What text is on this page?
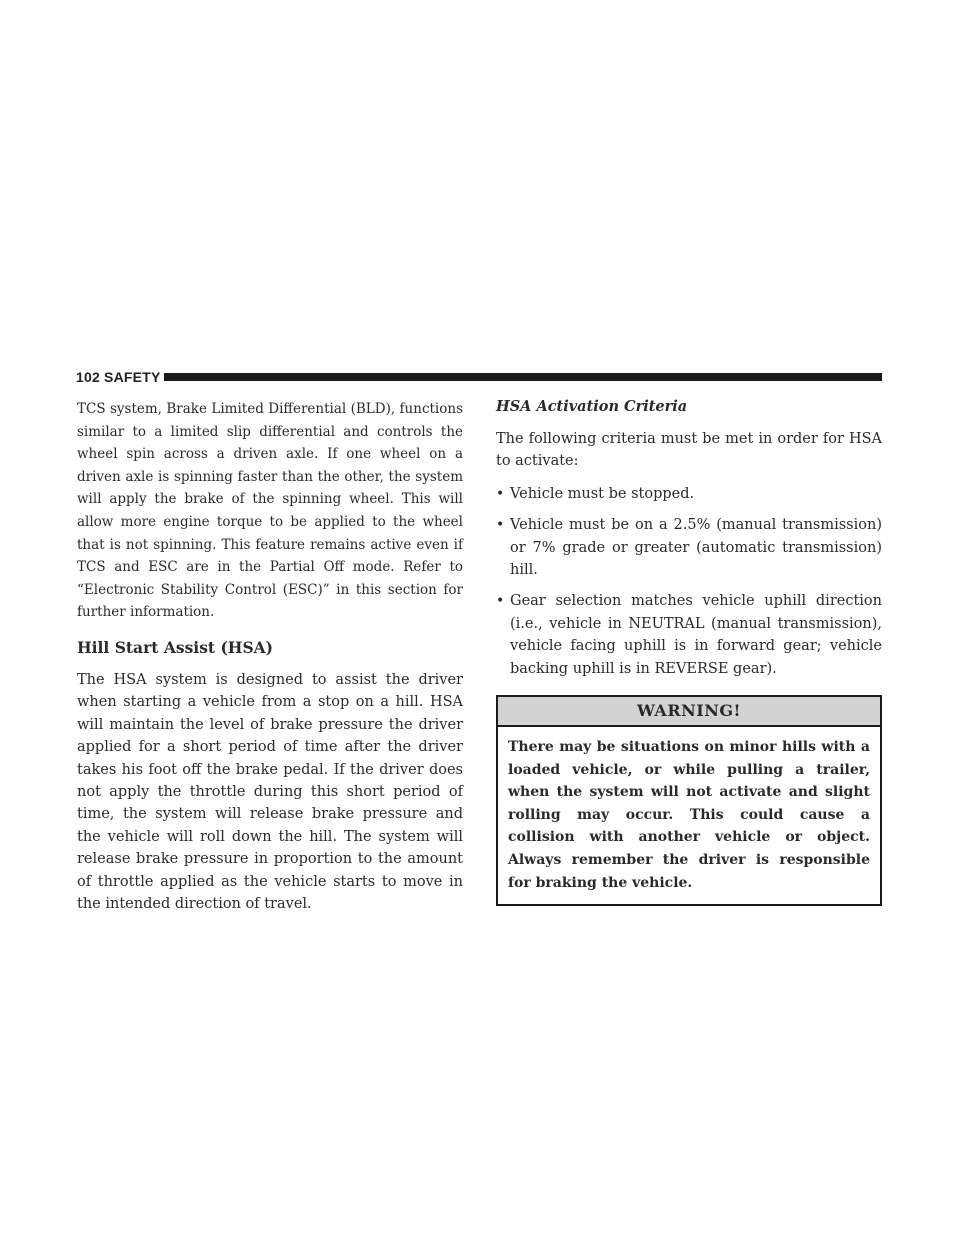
102 SAFETY

TCS system, Brake Limited Differential (BLD), functions similar to a limited slip differential and controls the wheel spin across a driven axle. If one wheel on a driven axle is spinning faster than the other, the system will apply the brake of the spinning wheel. This will allow more engine torque to be applied to the wheel that is not spinning. This feature remains active even if TCS and ESC are in the Partial Off mode. Refer to “Electronic Stability Control (ESC)” in this section for further information.

Hill Start Assist (HSA)

The HSA system is designed to assist the driver when starting a vehicle from a stop on a hill. HSA will maintain the level of brake pressure the driver applied for a short period of time after the driver takes his foot off the brake pedal. If the driver does not apply the throttle during this short period of time, the system will release brake pressure and the vehicle will roll down the hill. The system will release brake pressure in proportion to the amount of throttle applied as the vehicle starts to move in the intended direction of travel.

HSA Activation Criteria

The following criteria must be met in order for HSA to activate:

• Vehicle must be stopped.

• Vehicle must be on a 2.5% (manual transmission) or 7% grade or greater (automatic transmission) hill.

• Gear selection matches vehicle uphill direction (i.e., vehicle in NEUTRAL (manual transmission), vehicle facing uphill is in forward gear; vehicle backing uphill is in REVERSE gear).

WARNING!

There may be situations on minor hills with a loaded vehicle, or while pulling a trailer, when the system will not activate and slight rolling may occur. This could cause a collision with another vehicle or object. Always remember the driver is responsible for braking the vehicle.
